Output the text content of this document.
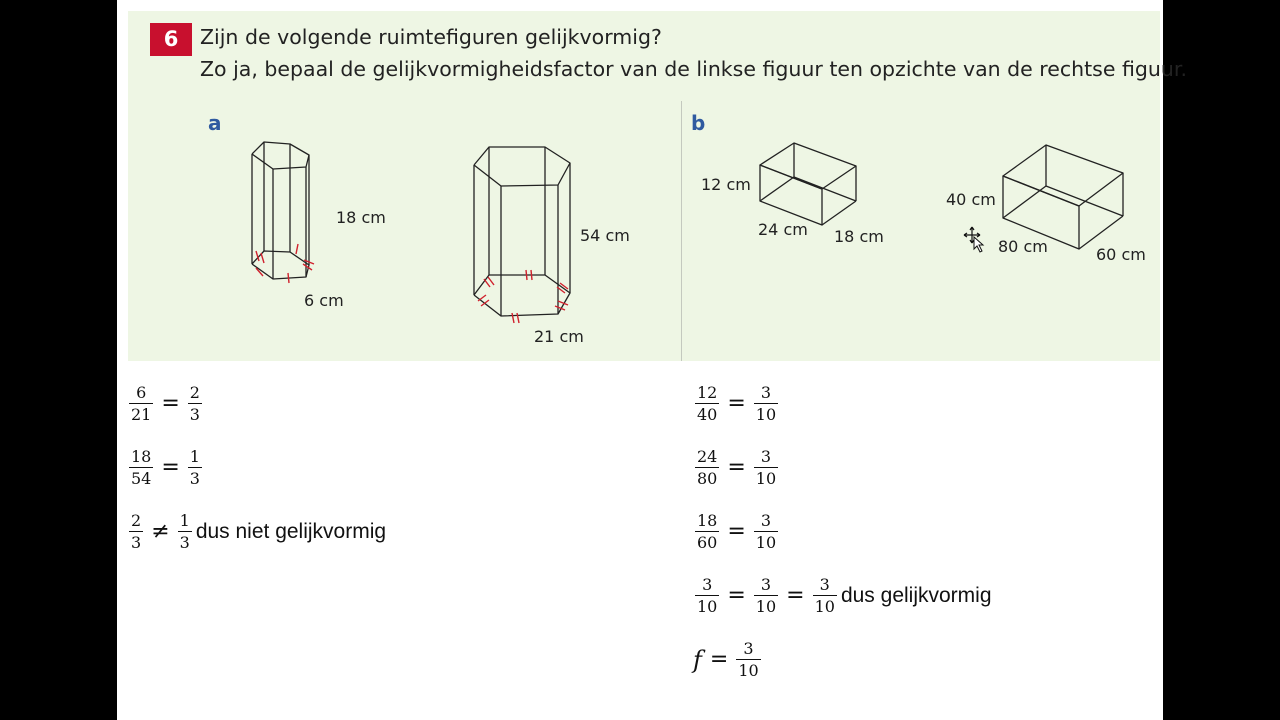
6	Zijn de volgende ruimtefiguren gelijkvormig?
Zo ja, bepaal de gelijkvormigheidsfactor van de linkse figuur ten opzichte van de rechtse figuur.
a	b
18 cm
6 cm
54 cm
21 cm
12 cm
24 cm 18 cm
40 cm
80 cm	60 cm
$\frac{6}{21} = \frac{2}{3}$
$\frac{18}{54} = \frac{1}{3}$
$\frac{2}{3} \ne \frac{1}{3}$ dus niet gelijkvormig
$\frac{12}{40} = \frac{3}{10}$
$\frac{24}{80} = \frac{3}{10}$
$\frac{18}{60} = \frac{3}{10}$
$\frac{3}{10} = \frac{3}{10} = \frac{3}{10}$ dus gelijkvormig
$f = \frac{3}{10}$
